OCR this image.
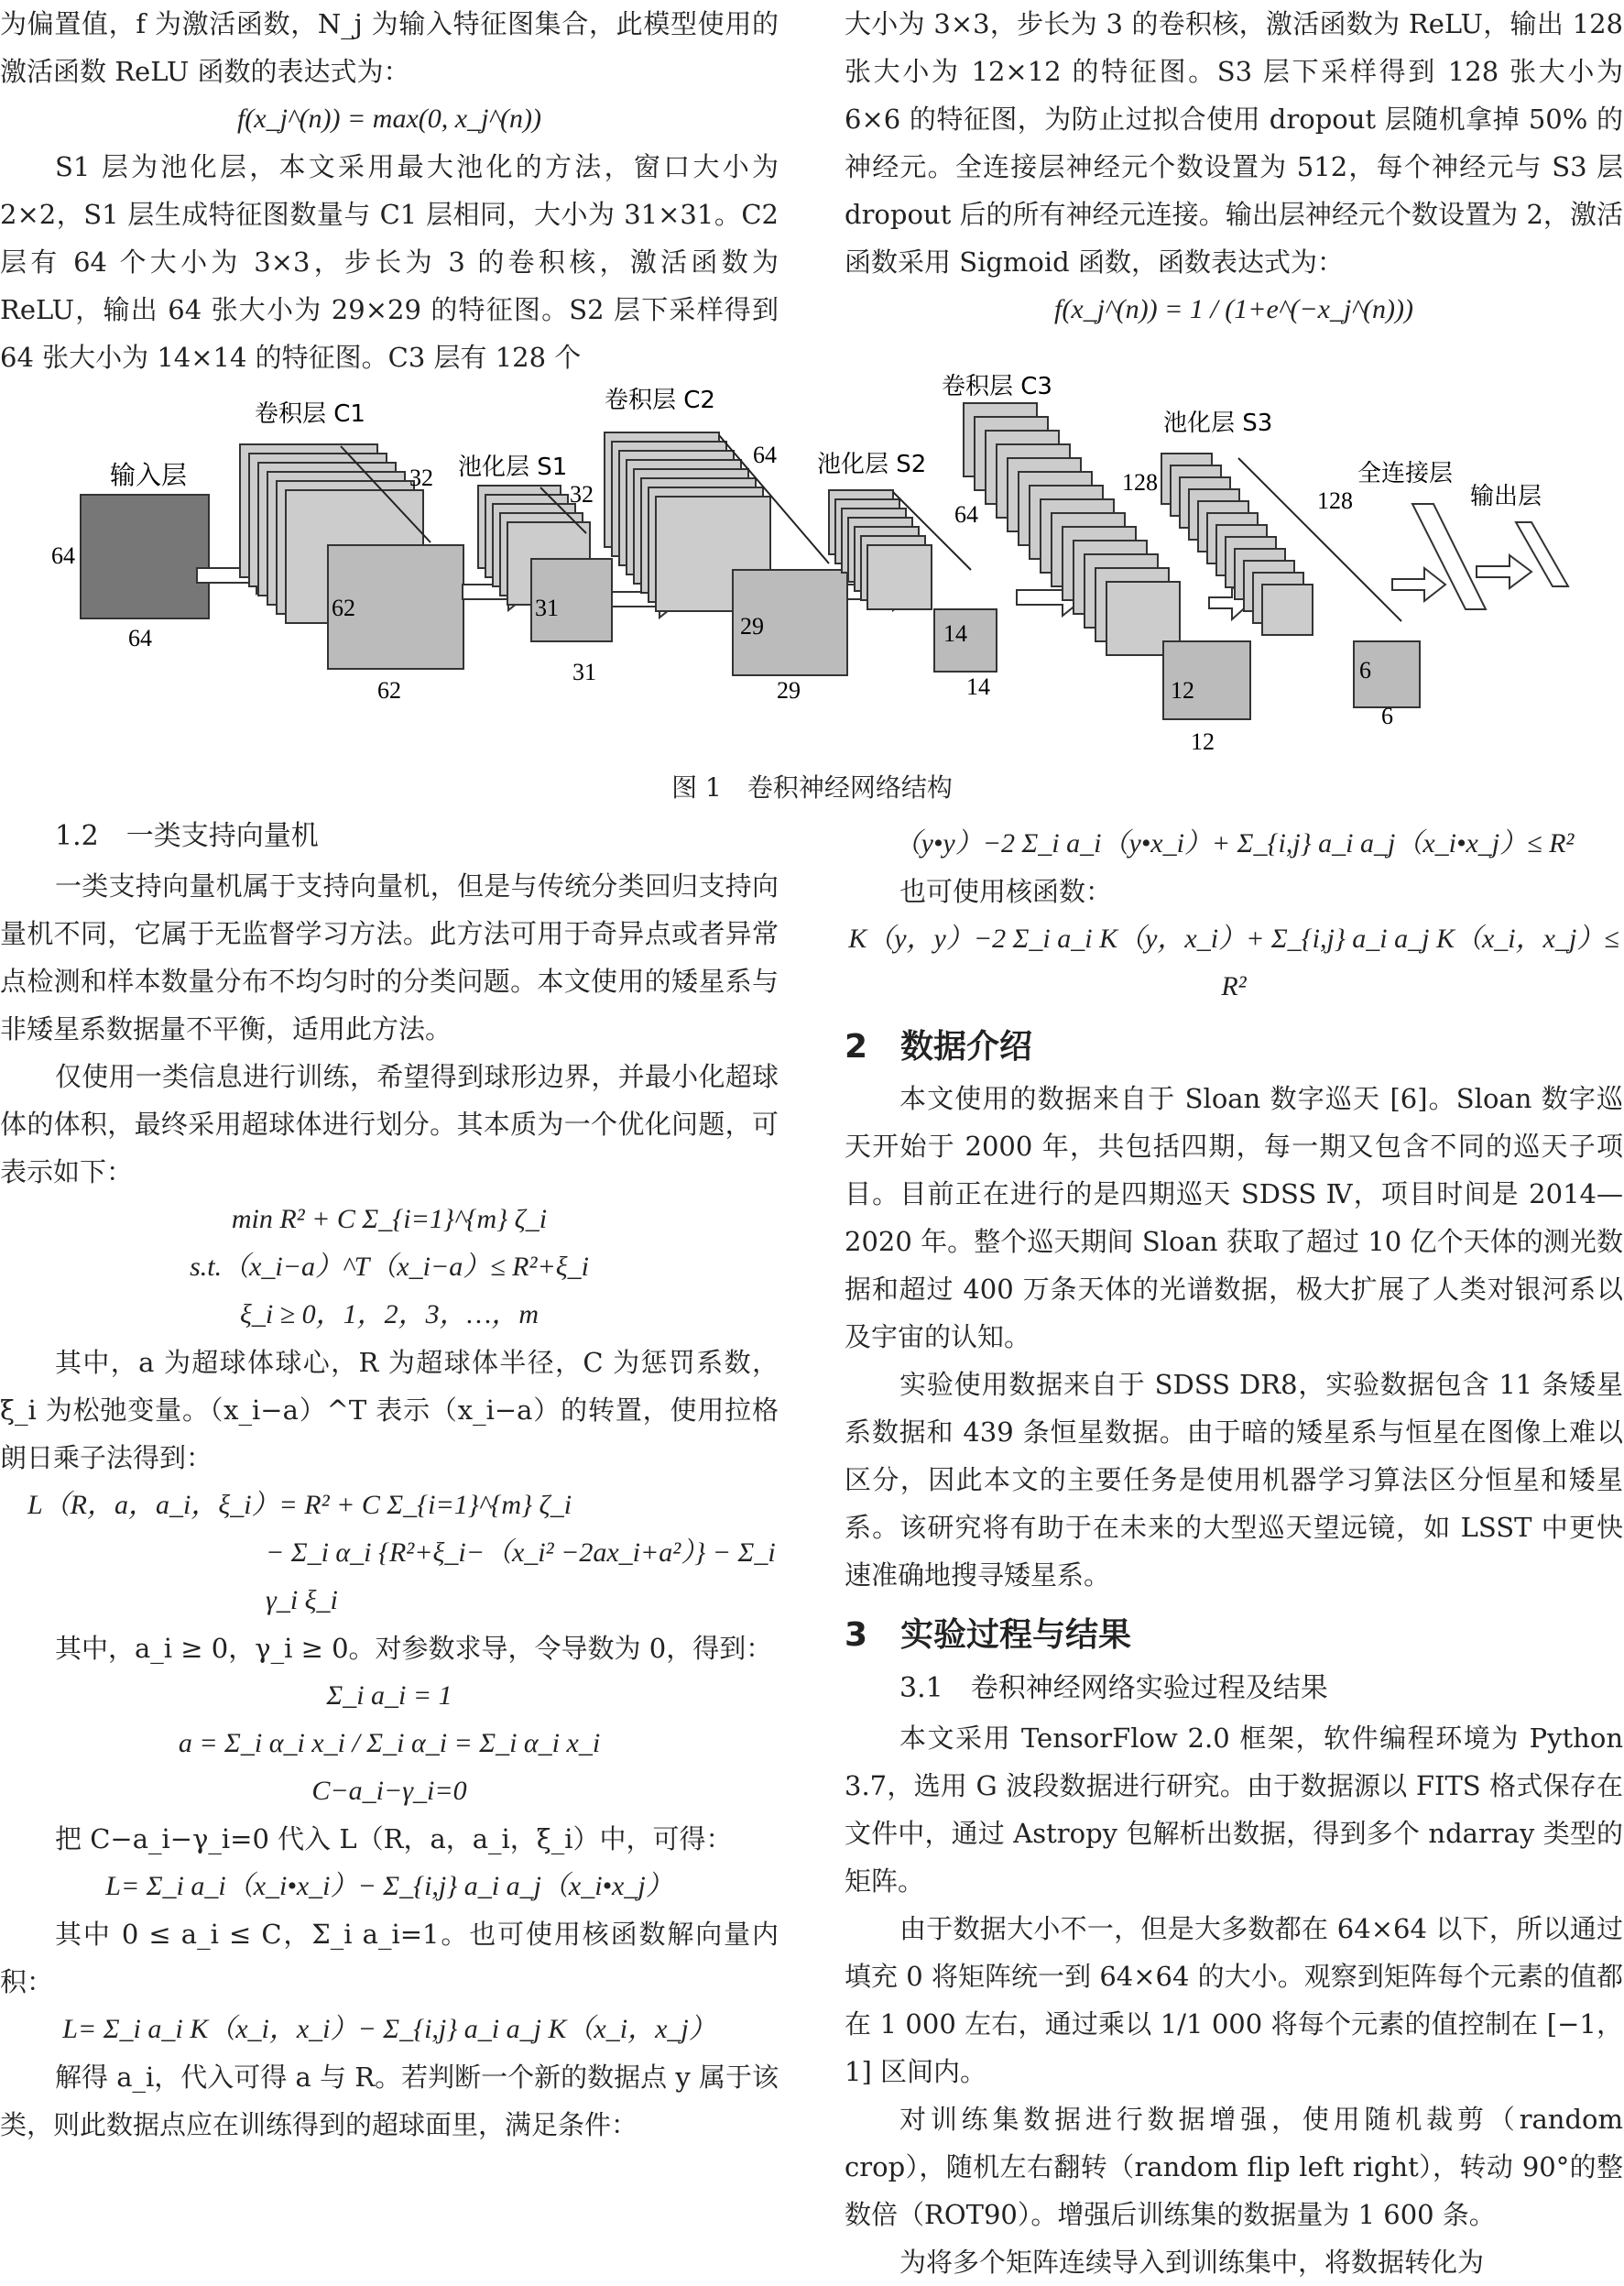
为偏置值，f 为激活函数，N_j 为输入特征图集合，此模型使用的激活函数 ReLU 函数的表达式为：

f(x_j^(n)) = max(0, x_j^(n))

S1 层为池化层，本文采用最大池化的方法，窗口大小为 2×2，S1 层生成特征图数量与 C1 层相同，大小为 31×31。C2 层有 64 个大小为 3×3，步长为 3 的卷积核，激活函数为 ReLU，输出 64 张大小为 29×29 的特征图。S2 层下采样得到 64 张大小为 14×14 的特征图。C3 层有 128 个

大小为 3×3，步长为 3 的卷积核，激活函数为 ReLU，输出 128 张大小为 12×12 的特征图。S3 层下采样得到 128 张大小为 6×6 的特征图，为防止过拟合使用 dropout 层随机拿掉 50% 的神经元。全连接层神经元个数设置为 512，每个神经元与 S3 层 dropout 后的所有神经元连接。输出层神经元个数设置为 2，激活函数采用 Sigmoid 函数，函数表达式为：

f(x_j^(n)) = 1 / (1+e^(−x_j^(n)))

输入层
64
64
卷积层 C1
32
62
62
池化层 S1
32
31
31
卷积层 C2
64
29
29
池化层 S2
64
14
14
卷积层 C3
128
12
12
池化层 S3
128
6
6
全连接层
输出层
图 1　卷积神经网络结构

1.2　一类支持向量机

一类支持向量机属于支持向量机，但是与传统分类回归支持向量机不同，它属于无监督学习方法。此方法可用于奇异点或者异常点检测和样本数量分布不均匀时的分类问题。本文使用的矮星系与非矮星系数据量不平衡，适用此方法。

仅使用一类信息进行训练，希望得到球形边界，并最小化超球体的体积，最终采用超球体进行划分。其本质为一个优化问题，可表示如下：

min R² + C Σ_{i=1}^{m} ζ_i

s.t.（x_i−a）^T（x_i−a）≤ R²+ξ_i

ξ_i ≥ 0，1，2，3，…，m

其中，a 为超球体球心，R 为超球体半径，C 为惩罚系数，ξ_i 为松弛变量。（x_i−a）^T 表示（x_i−a）的转置，使用拉格朗日乘子法得到：

L（R，a，a_i，ξ_i）= R² + C Σ_{i=1}^{m} ζ_i

− Σ_i α_i {R²+ξ_i−（x_i² −2ax_i+a²）} − Σ_i γ_i ξ_i

其中，a_i ≥ 0，γ_i ≥ 0。对参数求导，令导数为 0，得到：

Σ_i a_i = 1

a = Σ_i α_i x_i / Σ_i α_i = Σ_i α_i x_i

C−a_i−γ_i=0

把 C−a_i−γ_i=0 代入 L（R，a，a_i，ξ_i）中，可得：

L= Σ_i a_i（x_i•x_i）− Σ_{i,j} a_i a_j（x_i•x_j）

其中 0 ≤ a_i ≤ C，Σ_i a_i=1。也可使用核函数解向量内积：

L= Σ_i a_i K（x_i，x_i）− Σ_{i,j} a_i a_j K（x_i，x_j）

解得 a_i，代入可得 a 与 R。若判断一个新的数据点 y 属于该类，则此数据点应在训练得到的超球面里，满足条件：

（y•y）−2 Σ_i a_i（y•x_i）+ Σ_{i,j} a_i a_j（x_i•x_j）≤ R²

也可使用核函数：

K（y，y）−2 Σ_i a_i K（y，x_i）+ Σ_{i,j} a_i a_j K（x_i，x_j）≤ R²

2　数据介绍

本文使用的数据来自于 Sloan 数字巡天 [6]。Sloan 数字巡天开始于 2000 年，共包括四期，每一期又包含不同的巡天子项目。目前正在进行的是四期巡天 SDSS Ⅳ，项目时间是 2014—2020 年。整个巡天期间 Sloan 获取了超过 10 亿个天体的测光数据和超过 400 万条天体的光谱数据，极大扩展了人类对银河系以及宇宙的认知。

实验使用数据来自于 SDSS DR8，实验数据包含 11 条矮星系数据和 439 条恒星数据。由于暗的矮星系与恒星在图像上难以区分，因此本文的主要任务是使用机器学习算法区分恒星和矮星系。该研究将有助于在未来的大型巡天望远镜，如 LSST 中更快速准确地搜寻矮星系。

3　实验过程与结果

3.1　卷积神经网络实验过程及结果

本文采用 TensorFlow 2.0 框架，软件编程环境为 Python 3.7，选用 G 波段数据进行研究。由于数据源以 FITS 格式保存在文件中，通过 Astropy 包解析出数据，得到多个 ndarray 类型的矩阵。

由于数据大小不一，但是大多数都在 64×64 以下，所以通过填充 0 将矩阵统一到 64×64 的大小。观察到矩阵每个元素的值都在 1 000 左右，通过乘以 1/1 000 将每个元素的值控制在 [−1，1] 区间内。

对训练集数据进行数据增强，使用随机裁剪（random crop），随机左右翻转（random flip left right），转动 90°的整数倍（ROT90）。增强后训练集的数据量为 1 600 条。

为将多个矩阵连续导入到训练集中，将数据转化为
